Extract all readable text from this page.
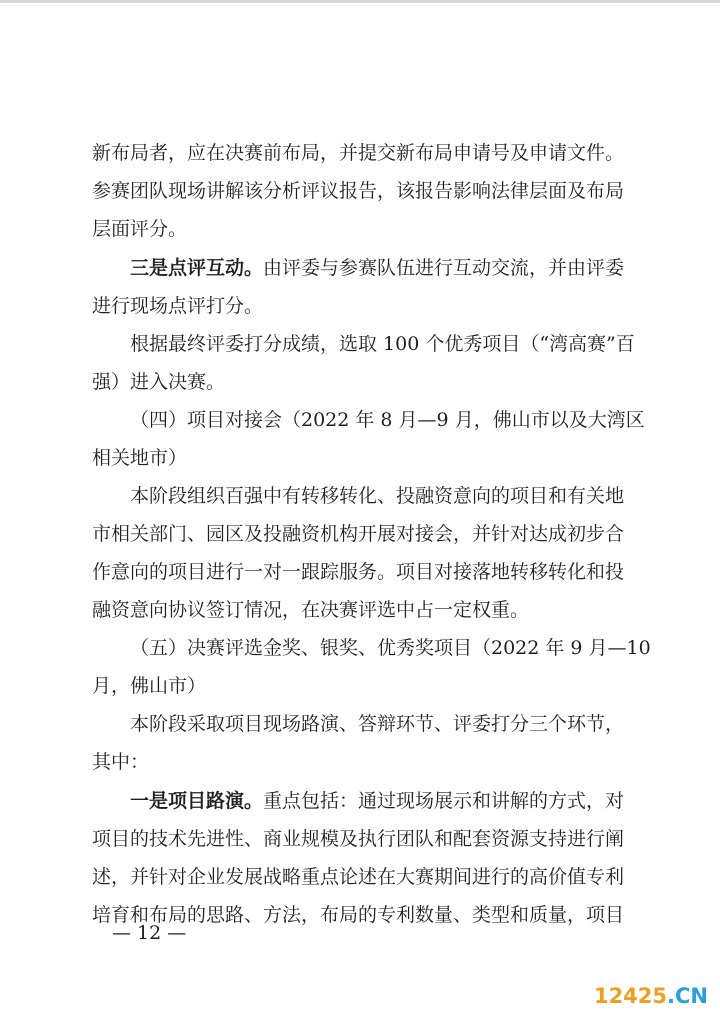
新布局者，应在决赛前布局，并提交新布局申请号及申请文件。
参赛团队现场讲解该分析评议报告，该报告影响法律层面及布局
层面评分。
三是点评互动。由评委与参赛队伍进行互动交流，并由评委
进行现场点评打分。
根据最终评委打分成绩，选取 100 个优秀项目（“湾高赛”百
强）进入决赛。
（四）项目对接会（2022 年 8 月—9 月，佛山市以及大湾区
相关地市）
本阶段组织百强中有转移转化、投融资意向的项目和有关地
市相关部门、园区及投融资机构开展对接会，并针对达成初步合
作意向的项目进行一对一跟踪服务。项目对接落地转移转化和投
融资意向协议签订情况，在决赛评选中占一定权重。
（五）决赛评选金奖、银奖、优秀奖项目（2022 年 9 月—10
月，佛山市）
本阶段采取项目现场路演、答辩环节、评委打分三个环节，
其中：
一是项目路演。重点包括：通过现场展示和讲解的方式，对
项目的技术先进性、商业规模及执行团队和配套资源支持进行阐
述，并针对企业发展战略重点论述在大赛期间进行的高价值专利
培育和布局的思路、方法，布局的专利数量、类型和质量，项目
— 12 —
12425.CN
